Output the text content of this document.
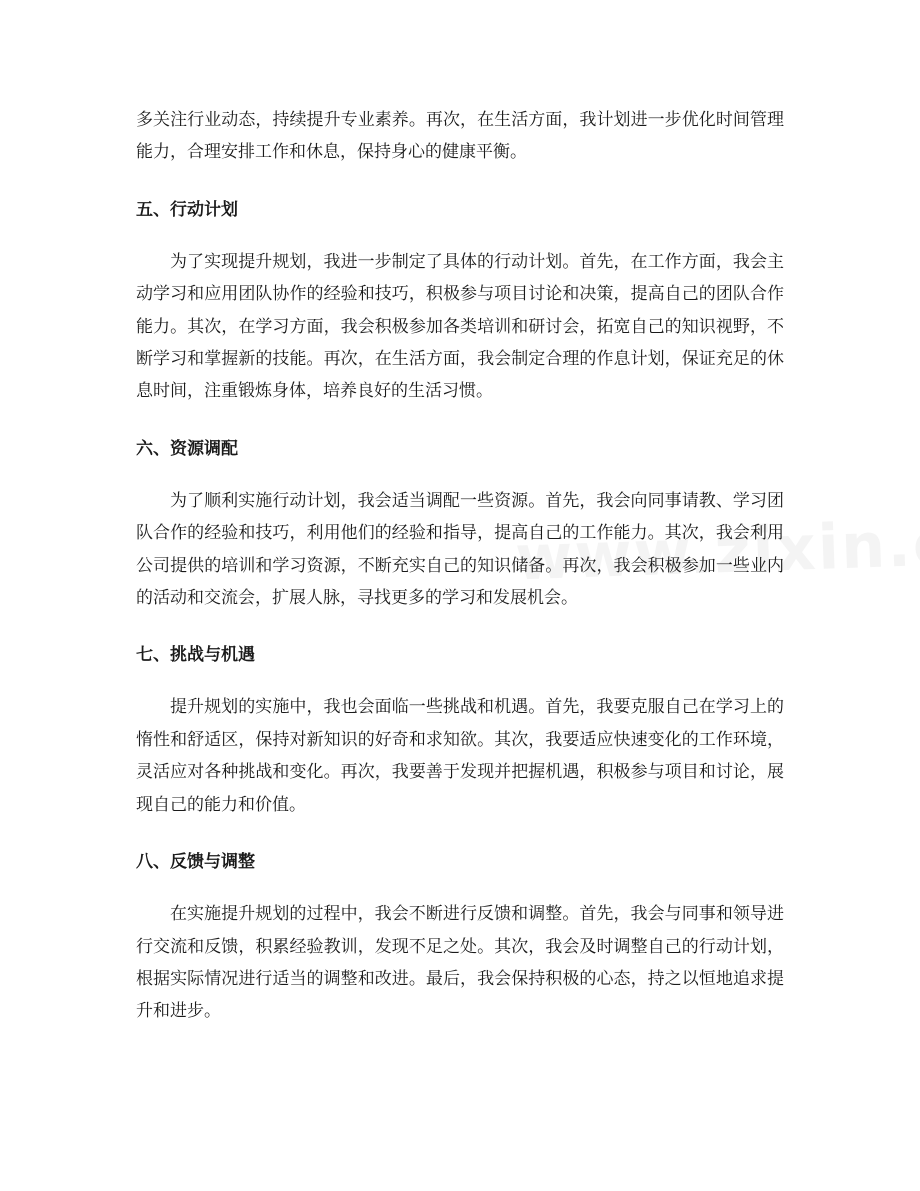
多关注行业动态，持续提升专业素养。再次，在生活方面，我计划进一步优化时间管理能力，合理安排工作和休息，保持身心的健康平衡。

五、行动计划

为了实现提升规划，我进一步制定了具体的行动计划。首先，在工作方面，我会主动学习和应用团队协作的经验和技巧，积极参与项目讨论和决策，提高自己的团队合作能力。其次，在学习方面，我会积极参加各类培训和研讨会，拓宽自己的知识视野，不断学习和掌握新的技能。再次，在生活方面，我会制定合理的作息计划，保证充足的休息时间，注重锻炼身体，培养良好的生活习惯。

六、资源调配

为了顺利实施行动计划，我会适当调配一些资源。首先，我会向同事请教、学习团队合作的经验和技巧，利用他们的经验和指导，提高自己的工作能力。其次，我会利用公司提供的培训和学习资源，不断充实自己的知识储备。再次，我会积极参加一些业内的活动和交流会，扩展人脉，寻找更多的学习和发展机会。

七、挑战与机遇

提升规划的实施中，我也会面临一些挑战和机遇。首先，我要克服自己在学习上的惰性和舒适区，保持对新知识的好奇和求知欲。其次，我要适应快速变化的工作环境，灵活应对各种挑战和变化。再次，我要善于发现并把握机遇，积极参与项目和讨论，展现自己的能力和价值。

八、反馈与调整

在实施提升规划的过程中，我会不断进行反馈和调整。首先，我会与同事和领导进行交流和反馈，积累经验教训，发现不足之处。其次，我会及时调整自己的行动计划，根据实际情况进行适当的调整和改进。最后，我会保持积极的心态，持之以恒地追求提升和进步。
